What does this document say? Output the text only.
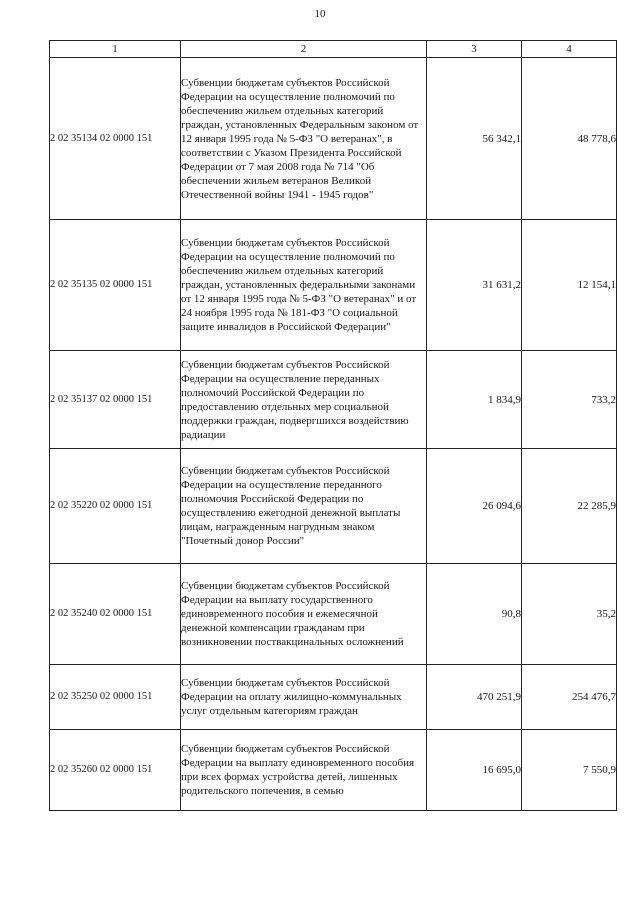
10
1	2	3	4
2 02 35134 02 0000 151	Субвенции бюджетам субъектов Российской Федерации на осуществление полномочий по обеспечению жильем отдельных категорий граждан, установленных Федеральным законом от 12 января 1995 года № 5-ФЗ "О ветеранах", в соответствии с Указом Президента Российской Федерации от 7 мая 2008 года № 714 "Об обеспечении жильем ветеранов Великой Отечественной войны 1941 - 1945 годов"	56 342,1	48 778,6
2 02 35135 02 0000 151	Субвенции бюджетам субъектов Российской Федерации на осуществление полномочий по обеспечению жильем отдельных категорий граждан, установленных федеральными законами от 12 января 1995 года № 5-ФЗ "О ветеранах" и от 24 ноября 1995 года № 181-ФЗ "О социальной защите инвалидов в Российской Федерации"	31 631,2	12 154,1
2 02 35137 02 0000 151	Субвенции бюджетам субъектов Российской Федерации на осуществление переданных полномочий Российской Федерации по предоставлению отдельных мер социальной поддержки граждан, подвергшихся воздействию радиации	1 834,9	733,2
2 02 35220 02 0000 151	Субвенции бюджетам субъектов Российской Федерации на осуществление переданного полномочия Российской Федерации по осуществлению ежегодной денежной выплаты лицам, награжденным нагрудным знаком "Почетный донор России"	26 094,6	22 285,9
2 02 35240 02 0000 151	Субвенции бюджетам субъектов Российской Федерации на выплату государственного единовременного пособия и ежемесячной денежной компенсации гражданам при возникновении поствакцинальных осложнений	90,8	35,2
2 02 35250 02 0000 151	Субвенции бюджетам субъектов Российской Федерации на оплату жилищно-коммунальных услуг отдельным категориям граждан	470 251,9	254 476,7
2 02 35260 02 0000 151	Субвенции бюджетам субъектов Российской Федерации на выплату единовременного пособия при всех формах устройства детей, лишенных родительского попечения, в семью	16 695,0	7 550,9
